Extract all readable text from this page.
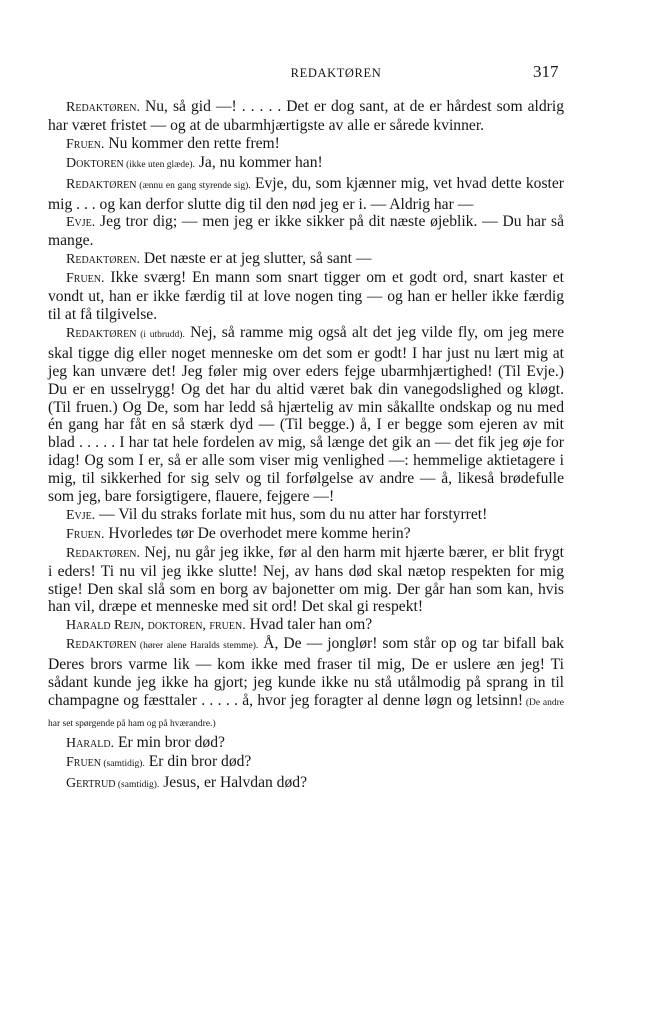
REDAKTØREN	317

Redaktøren. Nu, så gid —! . . . . . Det er dog sant, at de er hårdest som aldrig har været fristet — og at de ubarmhjærtigste av alle er sårede kvinner.

Fruen. Nu kommer den rette frem!

Doktoren (ikke uten glæde). Ja, nu kommer han!

Redaktøren (ænnu en gang styrende sig). Evje, du, som kjænner mig, vet hvad dette koster mig . . . og kan derfor slutte dig til den nød jeg er i. — Aldrig har —

Evje. Jeg tror dig; — men jeg er ikke sikker på dit næste øjeblik. — Du har så mange.

Redaktøren. Det næste er at jeg slutter, så sant —

Fruen. Ikke sværg! En mann som snart tigger om et godt ord, snart kaster et vondt ut, han er ikke færdig til at love nogen ting — og han er heller ikke færdig til at få tilgivelse.

Redaktøren (i utbrudd). Nej, så ramme mig også alt det jeg vilde fly, om jeg mere skal tigge dig eller noget menneske om det som er godt! I har just nu lært mig at jeg kan unvære det! Jeg føler mig over eders fejge ubarmhjærtighed! (Til Evje.) Du er en usselrygg! Og det har du altid været bak din vanegodslighed og kløgt. (Til fruen.) Og De, som har ledd så hjærtelig av min såkallte ondskap og nu med én gang har fåt en så stærk dyd — (Til begge.) å, I er begge som ejeren av mit blad . . . . . I har tat hele fordelen av mig, så længe det gik an — det fik jeg øje for idag! Og som I er, så er alle som viser mig venlighed —: hemmelige aktietagere i mig, til sikkerhed for sig selv og til forfølgelse av andre — å, likeså brødefulle som jeg, bare forsigtigere, flauere, fejgere —!

Evje. — Vil du straks forlate mit hus, som du nu atter har forstyrret!

Fruen. Hvorledes tør De overhodet mere komme herin?

Redaktøren. Nej, nu går jeg ikke, før al den harm mit hjærte bærer, er blit frygt i eders! Ti nu vil jeg ikke slutte! Nej, av hans død skal nætop respekten for mig stige! Den skal slå som en borg av bajonetter om mig. Der går han som kan, hvis han vil, dræpe et menneske med sit ord! Det skal gi respekt!

Harald Rejn, doktoren, fruen. Hvad taler han om?

Redaktøren (hører alene Haralds stemme). Å, De — jonglør! som står op og tar bifall bak Deres brors varme lik — kom ikke med fraser til mig, De er uslere æn jeg! Ti sådant kunde jeg ikke ha gjort; jeg kunde ikke nu stå utålmodig på sprang in til champagne og fæsttaler . . . . . å, hvor jeg foragter al denne løgn og letsinn! (De andre har set spørgende på ham og på hværandre.)

Harald. Er min bror død?

Fruen (samtidig). Er din bror død?

Gertrud (samtidig). Jesus, er Halvdan død?
